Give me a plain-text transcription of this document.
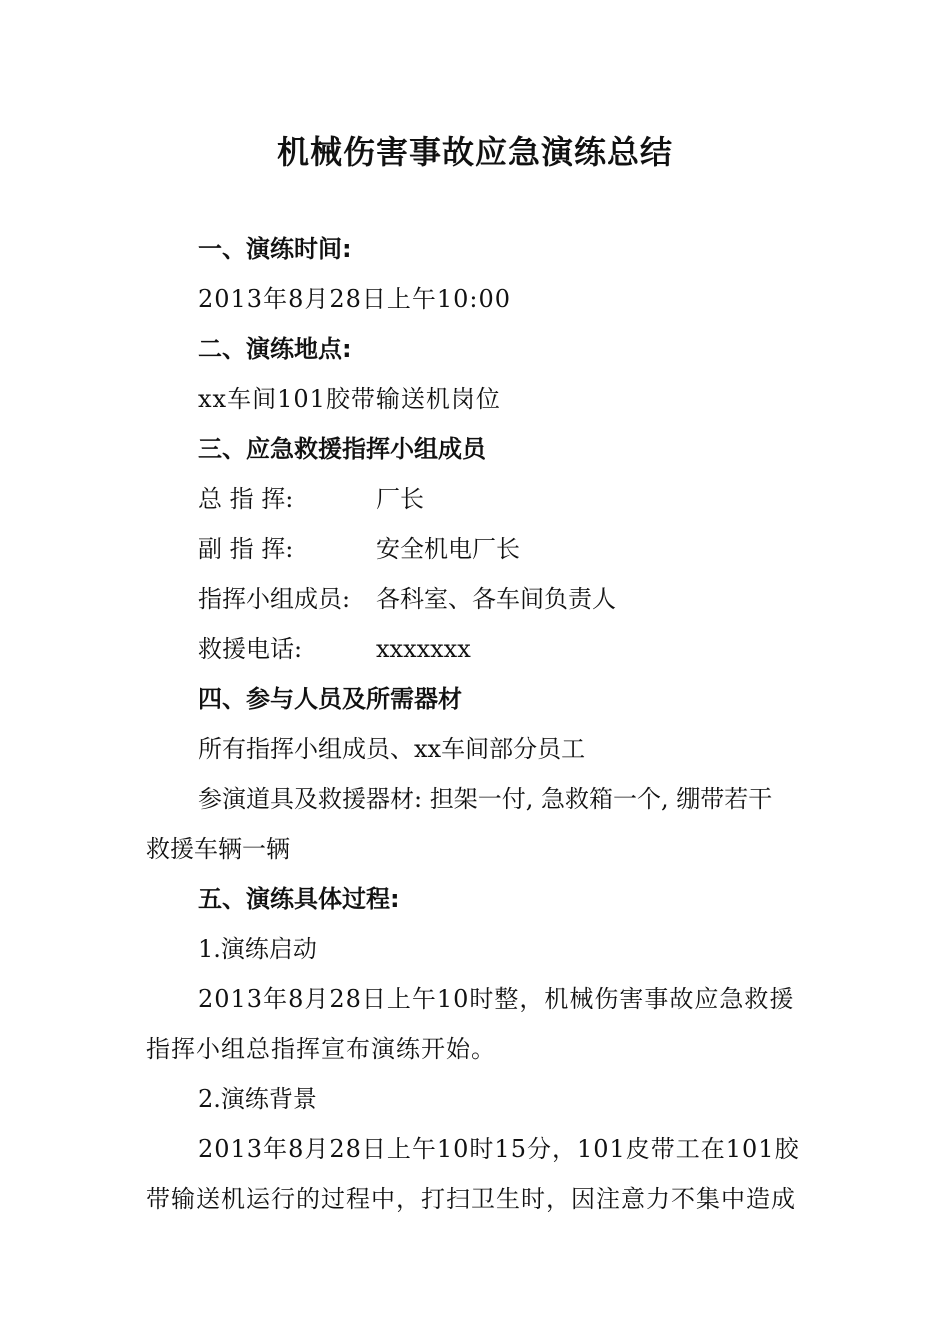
机械伤害事故应急演练总结
一、演练时间:
2013年8月28日上午10:00
二、演练地点:
xx车间101胶带输送机岗位
三、应急救援指挥小组成员
总 指 挥:	厂长
副 指 挥:	安全机电厂长
指挥小组成员: 各科室、各车间负责人
救援电话:	xxxxxxx
四、参与人员及所需器材
所有指挥小组成员、xx车间部分员工
参演道具及救援器材: 担架一付, 急救箱一个, 绷带若干
救援车辆一辆
五、演练具体过程:
1.演练启动
2013年8月28日上午10时整，机械伤害事故应急救援
指挥小组总指挥宣布演练开始。
2.演练背景
2013年8月28日上午10时15分，101皮带工在101胶
带输送机运行的过程中，打扫卫生时，因注意力不集中造成
